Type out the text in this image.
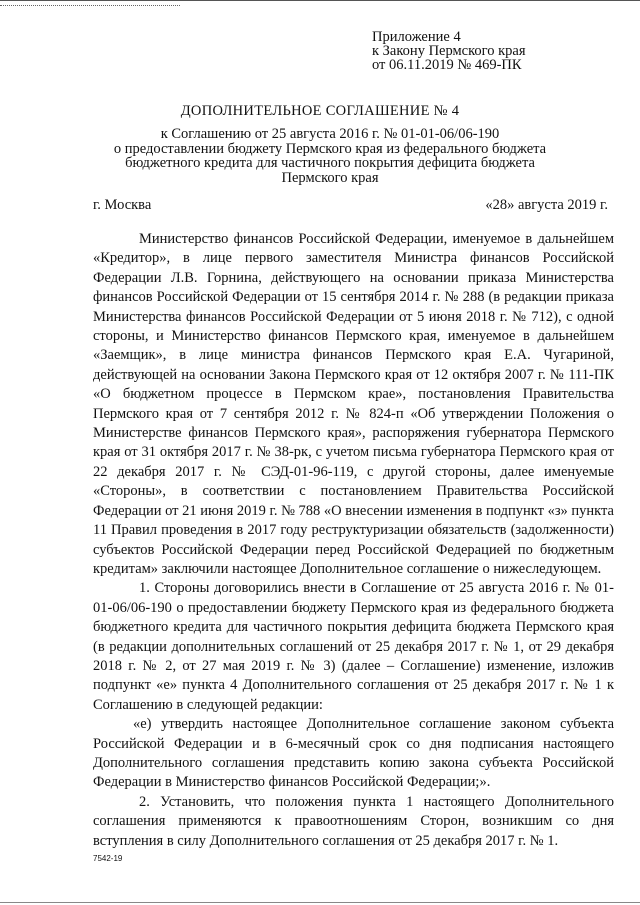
Приложение 4
к Закону Пермского края
от 06.11.2019 № 469-ПК
ДОПОЛНИТЕЛЬНОЕ СОГЛАШЕНИЕ № 4
к Соглашению от 25 августа 2016 г. № 01-01-06/06-190
о предоставлении бюджету Пермского края из федерального бюджета
бюджетного кредита для частичного покрытия дефицита бюджета
Пермского края
г. Москва	«28» августа 2019 г.

Министерство финансов Российской Федерации, именуемое в дальнейшем «Кредитор», в лице первого заместителя Министра финансов Российской Федерации Л.В. Горнина, действующего на основании приказа Министерства финансов Российской Федерации от 15 сентября 2014 г. № 288 (в редакции приказа Министерства финансов Российской Федерации от 5 июня 2018 г. № 712), с одной стороны, и Министерство финансов Пермского края, именуемое в дальнейшем «Заемщик», в лице министра финансов Пермского края Е.А. Чугариной, действующей на основании Закона Пермского края от 12 октября 2007 г. № 111-ПК «О бюджетном процессе в Пермском крае», постановления Правительства Пермского края от 7 сентября 2012 г. № 824-п «Об утверждении Положения о Министерстве финансов Пермского края», распоряжения губернатора Пермского края от 31 октября 2017 г. № 38-рк, с учетом письма губернатора Пермского края от 22 декабря 2017 г. № СЭД-01-96-119, с другой стороны, далее именуемые «Стороны», в соответствии с постановлением Правительства Российской Федерации от 21 июня 2019 г. № 788 «О внесении изменения в подпункт «з» пункта 11 Правил проведения в 2017 году реструктуризации обязательств (задолженности) субъектов Российской Федерации перед Российской Федерацией по бюджетным кредитам» заключили настоящее Дополнительное соглашение о нижеследующем.

1. Стороны договорились внести в Соглашение от 25 августа 2016 г. № 01-01-06/06-190 о предоставлении бюджету Пермского края из федерального бюджета бюджетного кредита для частичного покрытия дефицита бюджета Пермского края (в редакции дополнительных соглашений от 25 декабря 2017 г. № 1, от 29 декабря 2018 г. № 2, от 27 мая 2019 г. № 3) (далее – Соглашение) изменение, изложив подпункт «е» пункта 4 Дополнительного соглашения от 25 декабря 2017 г. № 1 к Соглашению в следующей редакции:

«е) утвердить настоящее Дополнительное соглашение законом субъекта Российской Федерации и в 6-месячный срок со дня подписания настоящего Дополнительного соглашения представить копию закона субъекта Российской Федерации в Министерство финансов Российской Федерации;».

2. Установить, что положения пункта 1 настоящего Дополнительного соглашения применяются к правоотношениям Сторон, возникшим со дня вступления в силу Дополнительного соглашения от 25 декабря 2017 г. № 1.

7542-19
